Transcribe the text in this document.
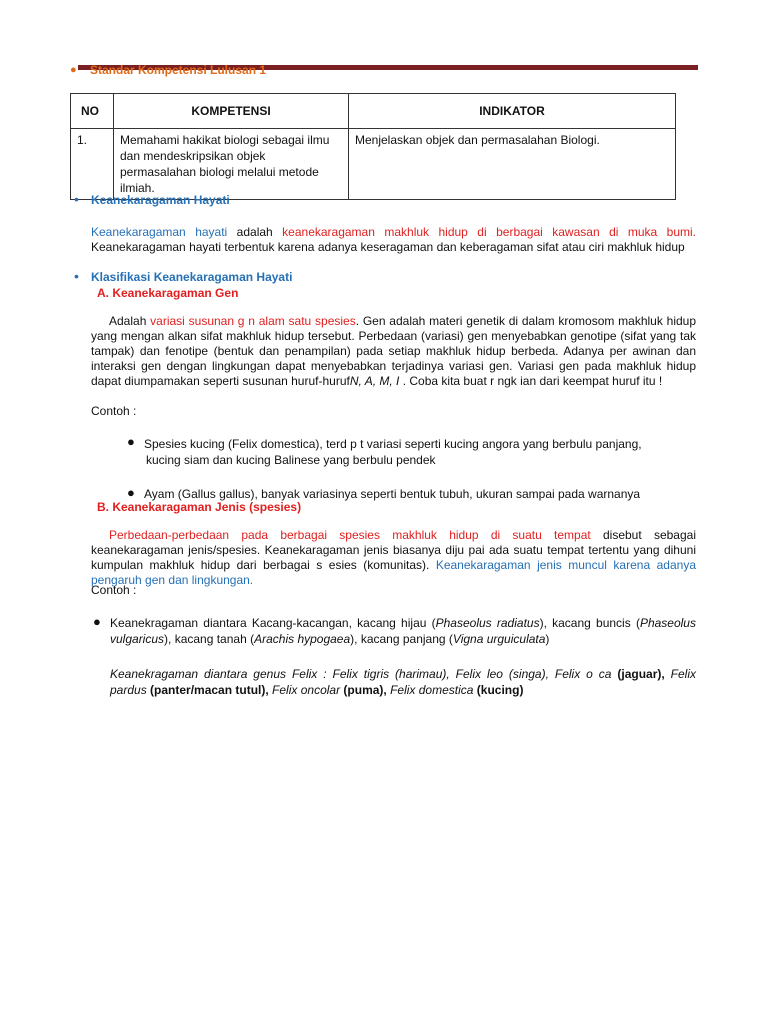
● Standar Kompetensi Lulusan 1
NO	KOMPETENSI	INDIKATOR
1.	Memahami hakikat biologi sebagai ilmu dan mendeskripsikan objek permasalahan biologi melalui metode ilmiah.	Menjelaskan objek dan permasalahan Biologi.
• Keanekaragaman Hayati
Keanekaragaman hayati adalah keanekaragaman makhluk hidup di berbagai kawasan di muka bumi. Keanekaragaman hayati terbentuk karena adanya keseragaman dan keberagaman sifat atau ciri makhluk hidup
• Klasifikasi Keanekaragaman Hayati
A. Keanekaragaman Gen
Adalah variasi susunan g n alam satu spesies. Gen adalah materi genetik di dalam kromosom makhluk hidup yang mengan alkan sifat makhluk hidup tersebut. Perbedaan (variasi) gen menyebabkan genotipe (sifat yang tak tampak) dan fenotipe (bentuk dan penampilan) pada setiap makhluk hidup berbeda. Adanya per awinan dan interaksi gen dengan lingkungan dapat menyebabkan terjadinya variasi gen. Variasi gen pada makhluk hidup dapat diumpamakan seperti susunan huruf-hurufN, A, M, I . Coba kita buat r ngk ian dari keempat huruf itu !
Contoh :
● Spesies kucing (Felix domestica), terd p t variasi seperti kucing angora yang berbulu panjang,
kucing siam dan kucing Balinese yang berbulu pendek
● Ayam (Gallus gallus), banyak variasinya seperti bentuk tubuh, ukuran sampai pada warnanya
B. Keanekaragaman Jenis (spesies)
Perbedaan-perbedaan pada berbagai spesies makhluk hidup di suatu tempat disebut sebagai keanekaragaman jenis/spesies. Keanekaragaman jenis biasanya diju pai ada suatu tempat tertentu yang dihuni kumpulan makhluk hidup dari berbagai s esies (komunitas). Keanekaragaman jenis muncul karena adanya pengaruh gen dan lingkungan.
Contoh :
● Keanekragaman diantara Kacang-kacangan, kacang hijau (Phaseolus radiatus), kacang buncis (Phaseolus vulgaricus), kacang tanah (Arachis hypogaea), kacang panjang (Vigna urguiculata)
Keanekragaman diantara genus Felix : Felix tigris (harimau), Felix leo (singa), Felix o ca (jaguar), Felix pardus (panter/macan tutul), Felix oncolar (puma), Felix domestica (kucing)
